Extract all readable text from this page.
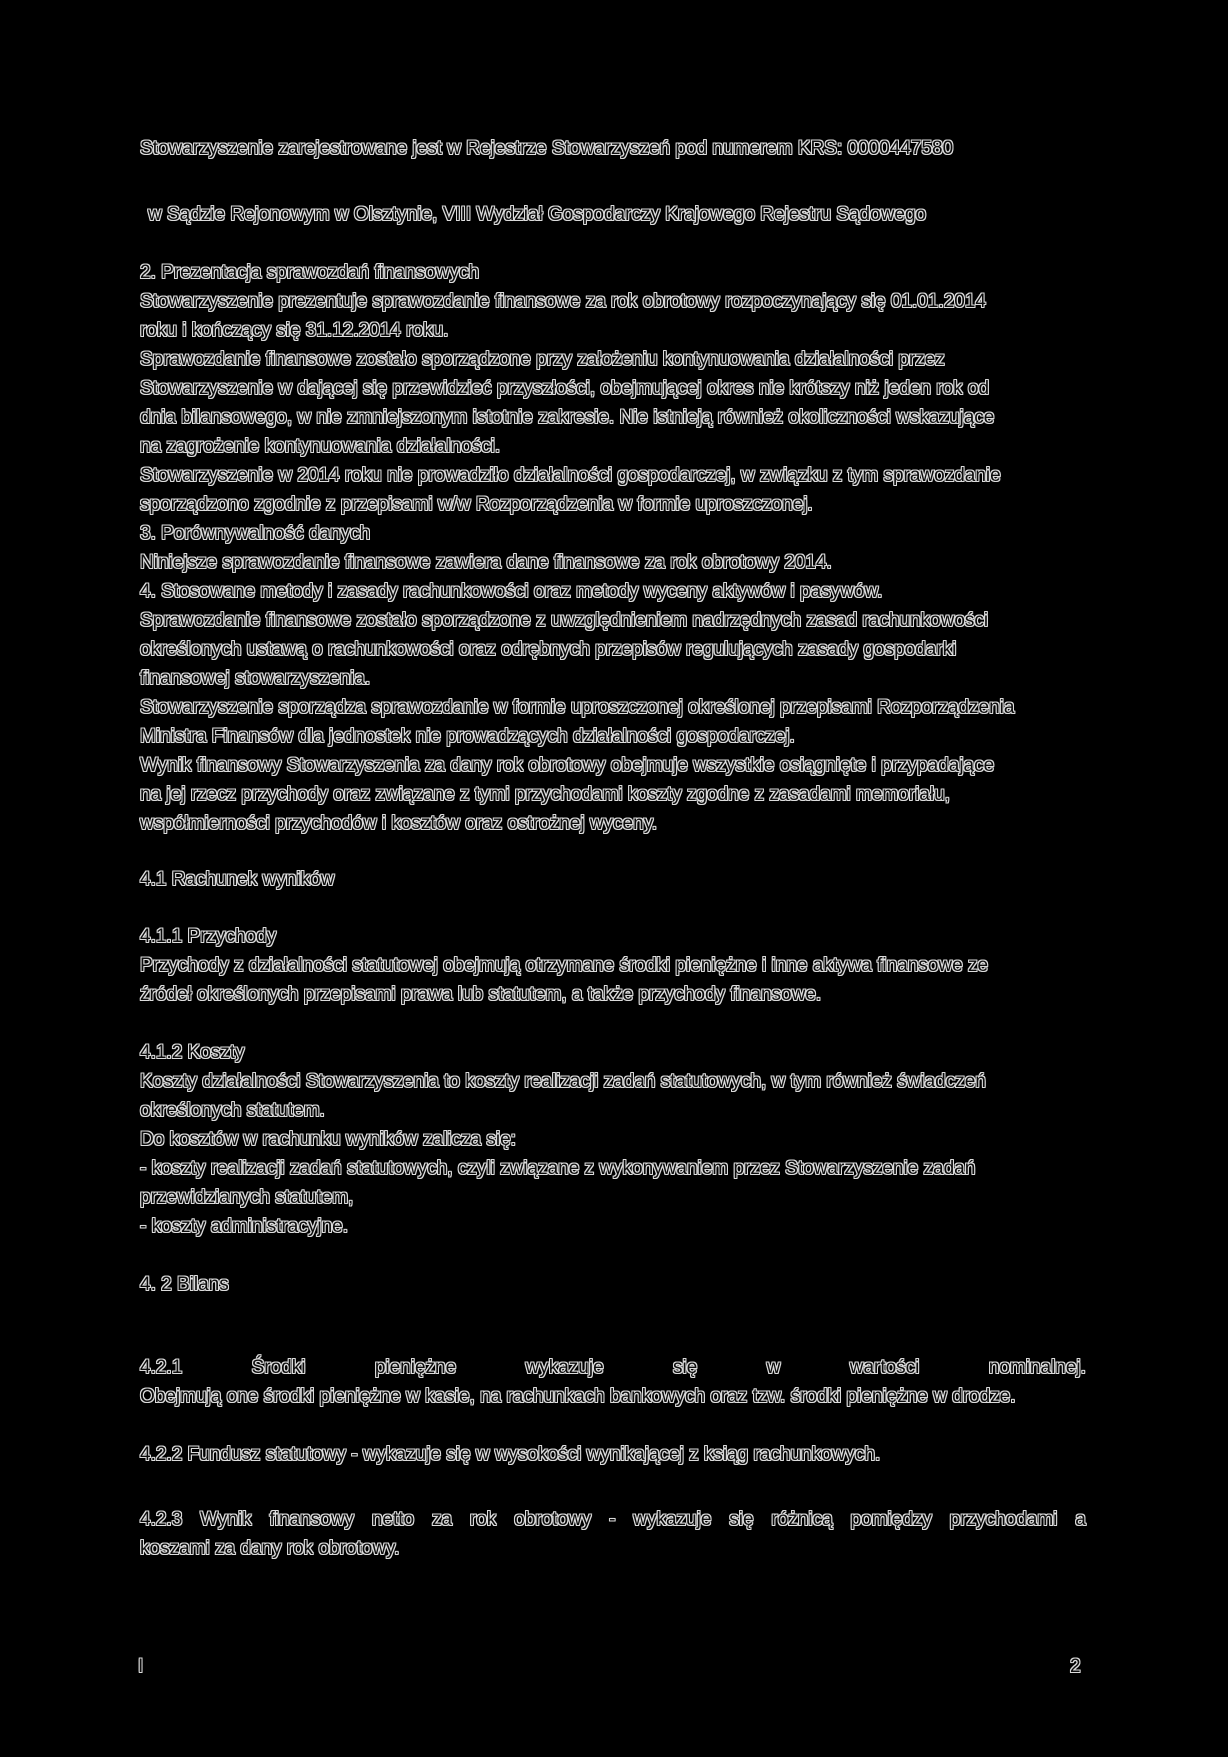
Stowarzyszenie zarejestrowane jest w Rejestrze Stowarzyszeń pod numerem KRS: 0000447580
w Sądzie Rejonowym w Olsztynie, VIII Wydział Gospodarczy Krajowego Rejestru Sądowego
2. Prezentacja sprawozdań finansowych
Stowarzyszenie prezentuje sprawozdanie finansowe za rok obrotowy rozpoczynający się 01.01.2014
roku i kończący się 31.12.2014 roku.
Sprawozdanie finansowe zostało sporządzone przy założeniu kontynuowania działalności przez
Stowarzyszenie w dającej się przewidzieć przyszłości, obejmującej okres nie krótszy niż jeden rok od
dnia bilansowego, w nie zmniejszonym istotnie zakresie. Nie istnieją również okoliczności wskazujące
na zagrożenie kontynuowania działalności.
Stowarzyszenie w 2014 roku nie prowadziło działalności gospodarczej, w związku z tym sprawozdanie
sporządzono zgodnie z przepisami w/w Rozporządzenia w formie uproszczonej.
3. Porównywalność danych
Niniejsze sprawozdanie finansowe zawiera dane finansowe za rok obrotowy 2014.
4. Stosowane metody i zasady rachunkowości oraz metody wyceny aktywów i pasywów.
Sprawozdanie finansowe zostało sporządzone z uwzględnieniem nadrzędnych zasad rachunkowości
określonych ustawą o rachunkowości oraz odrębnych przepisów regulujących zasady gospodarki
finansowej stowarzyszenia.
Stowarzyszenie sporządza sprawozdanie w formie uproszczonej określonej przepisami Rozporządzenia
Ministra Finansów dla jednostek nie prowadzących działalności gospodarczej.
Wynik finansowy Stowarzyszenia za dany rok obrotowy obejmuje wszystkie osiągnięte i przypadające
na jej rzecz przychody oraz związane z tymi przychodami koszty zgodne z zasadami memoriału,
współmierności przychodów i kosztów oraz ostrożnej wyceny.
4.1 Rachunek wyników
4.1.1 Przychody
Przychody z działalności statutowej obejmują otrzymane środki pieniężne i inne aktywa finansowe ze
źródeł określonych przepisami prawa lub statutem, a także przychody finansowe.
4.1.2 Koszty
Koszty działalności Stowarzyszenia to koszty realizacji zadań statutowych, w tym również świadczeń
określonych statutem.
Do kosztów w rachunku wyników zalicza się:
- koszty realizacji zadań statutowych, czyli związane z wykonywaniem przez Stowarzyszenie zadań
przewidzianych statutem,
- koszty administracyjne.
4. 2 Bilans
4.2.1	Środki	pieniężne	wykazuje	się	w	wartości	nominalnej.
Obejmują one środki pieniężne w kasie, na rachunkach bankowych oraz tzw. środki pieniężne w drodze.
4.2.2 Fundusz statutowy - wykazuje się w wysokości wynikającej z ksiąg rachunkowych.
4.2.3 Wynik finansowy netto za rok obrotowy - wykazuje się różnicą pomiędzy przychodami a
koszami za dany rok obrotowy.
I	2
